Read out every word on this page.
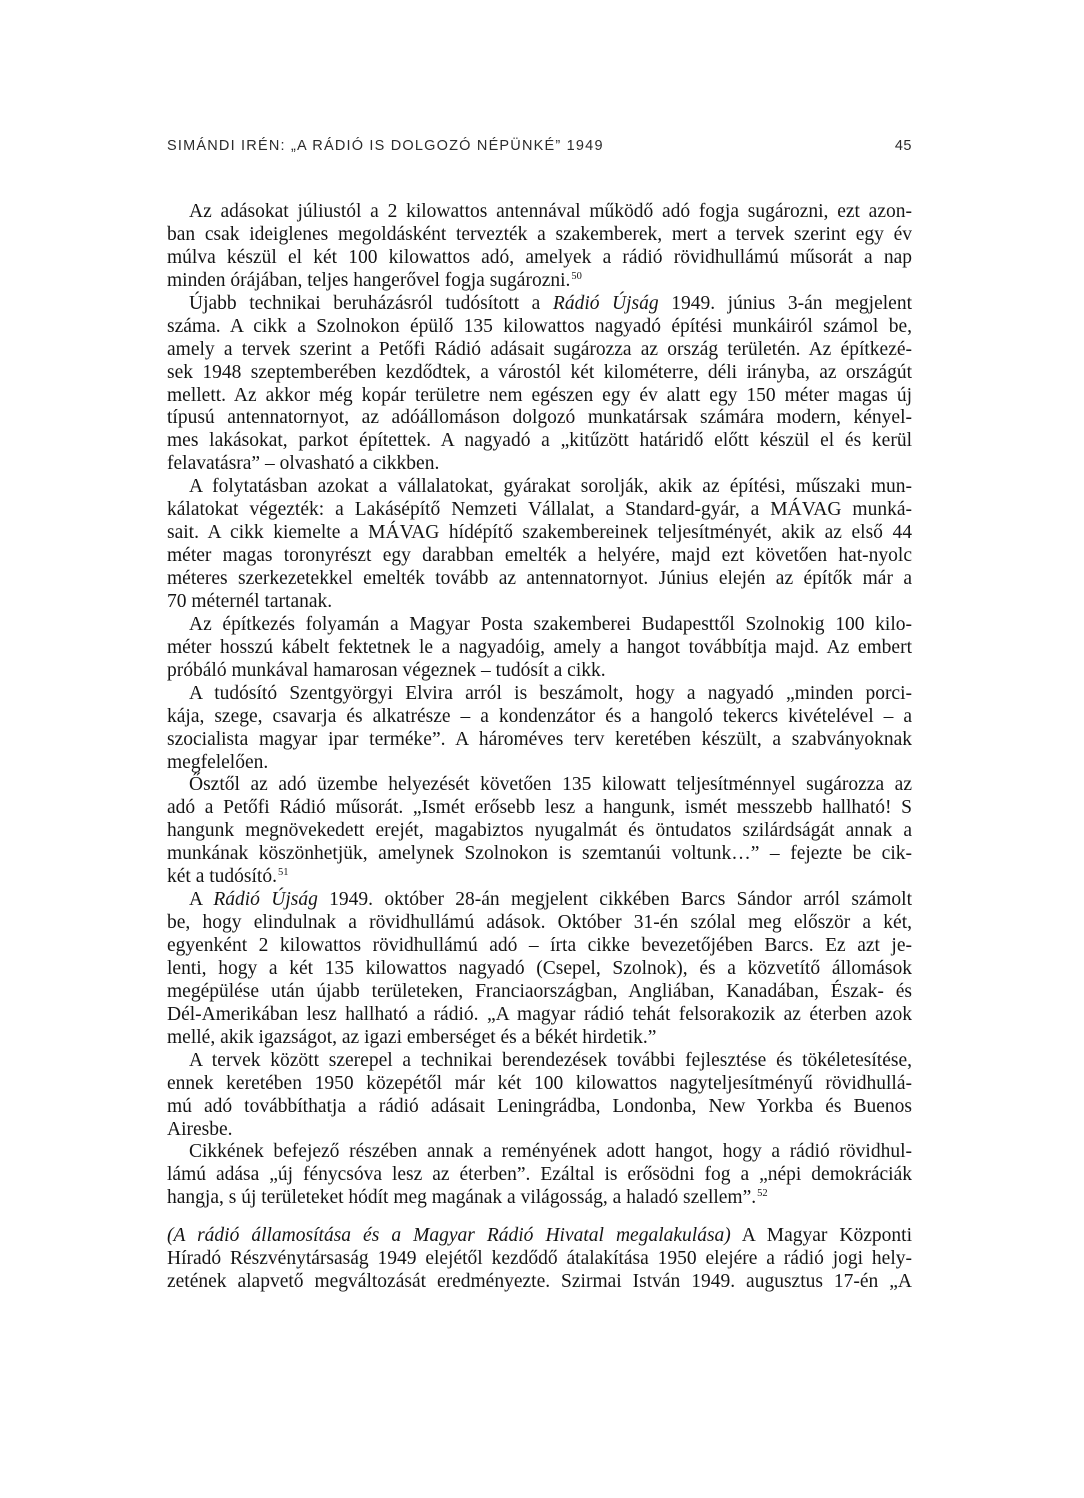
SIMÁNDI IRÉN: „A RÁDIÓ IS DOLGOZÓ NÉPÜNKÉ” 1949	45
Az adásokat júliustól a 2 kilowattos antennával működő adó fogja sugározni, ezt azon-
ban csak ideiglenes megoldásként tervezték a szakemberek, mert a tervek szerint egy év
múlva készül el két 100 kilowattos adó, amelyek a rádió rövidhullámú műsorát a nap
minden órájában, teljes hangerővel fogja sugározni.$^{50}$
Újabb technikai beruházásról tudósított a Rádió Újság 1949. június 3-án megjelent
száma. A cikk a Szolnokon épülő 135 kilowattos nagyadó építési munkáiról számol be,
amely a tervek szerint a Petőfi Rádió adásait sugározza az ország területén. Az építkezé-
sek 1948 szeptemberében kezdődtek, a várostól két kilométerre, déli irányba, az országút
mellett. Az akkor még kopár területre nem egészen egy év alatt egy 150 méter magas új
típusú antennatornyot, az adóállomáson dolgozó munkatársak számára modern, kényel-
mes lakásokat, parkot építettek. A nagyadó a „kitűzött határidő előtt készül el és kerül
felavatásra” – olvasható a cikkben.
A folytatásban azokat a vállalatokat, gyárakat sorolják, akik az építési, műszaki mun-
kálatokat végezték: a Lakásépítő Nemzeti Vállalat, a Standard-gyár, a MÁVAG munká-
sait. A cikk kiemelte a MÁVAG hídépítő szakembereinek teljesítményét, akik az első 44
méter magas toronyrészt egy darabban emelték a helyére, majd ezt követően hat-nyolc
méteres szerkezetekkel emelték tovább az antennatornyot. Június elején az építők már a
70 méternél tartanak.
Az építkezés folyamán a Magyar Posta szakemberei Budapesttől Szolnokig 100 kilo-
méter hosszú kábelt fektetnek le a nagyadóig, amely a hangot továbbítja majd. Az embert
próbáló munkával hamarosan végeznek – tudósít a cikk.
A tudósító Szentgyörgyi Elvira arról is beszámolt, hogy a nagyadó „minden porci-
kája, szege, csavarja és alkatrésze – a kondenzátor és a hangoló tekercs kivételével – a
szocialista magyar ipar terméke”. A hároméves terv keretében készült, a szabványoknak
megfelelően.
Ősztől az adó üzembe helyezését követően 135 kilowatt teljesítménnyel sugározza az
adó a Petőfi Rádió műsorát. „Ismét erősebb lesz a hangunk, ismét messzebb hallható! S
hangunk megnövekedett erejét, magabiztos nyugalmát és öntudatos szilárdságát annak a
munkának köszönhetjük, amelynek Szolnokon is szemtanúi voltunk…” – fejezte be cik-
két a tudósító.$^{51}$
A Rádió Újság 1949. október 28-án megjelent cikkében Barcs Sándor arról számolt
be, hogy elindulnak a rövidhullámú adások. Október 31-én szólal meg először a két,
egyenként 2 kilowattos rövidhullámú adó – írta cikke bevezetőjében Barcs. Ez azt je-
lenti, hogy a két 135 kilowattos nagyadó (Csepel, Szolnok), és a közvetítő állomások
megépülése után újabb területeken, Franciaországban, Angliában, Kanadában, Észak- és
Dél-Amerikában lesz hallható a rádió. „A magyar rádió tehát felsorakozik az éterben azok
mellé, akik igazságot, az igazi emberséget és a békét hirdetik.”
A tervek között szerepel a technikai berendezések további fejlesztése és tökéletesítése,
ennek keretében 1950 közepétől már két 100 kilowattos nagyteljesítményű rövidhullá-
mú adó továbbíthatja a rádió adásait Leningrádba, Londonba, New Yorkba és Buenos
Airesbe.
Cikkének befejező részében annak a reményének adott hangot, hogy a rádió rövidhul-
lámú adása „új fénycsóva lesz az éterben”. Ezáltal is erősödni fog a „népi demokráciák
hangja, s új területeket hódít meg magának a világosság, a haladó szellem”.$^{52}$
(A rádió államosítása és a Magyar Rádió Hivatal megalakulása) A Magyar Központi
Híradó Részvénytársaság 1949 elejétől kezdődő átalakítása 1950 elejére a rádió jogi hely-
zetének alapvető megváltozását eredményezte. Szirmai István 1949. augusztus 17-én „A
